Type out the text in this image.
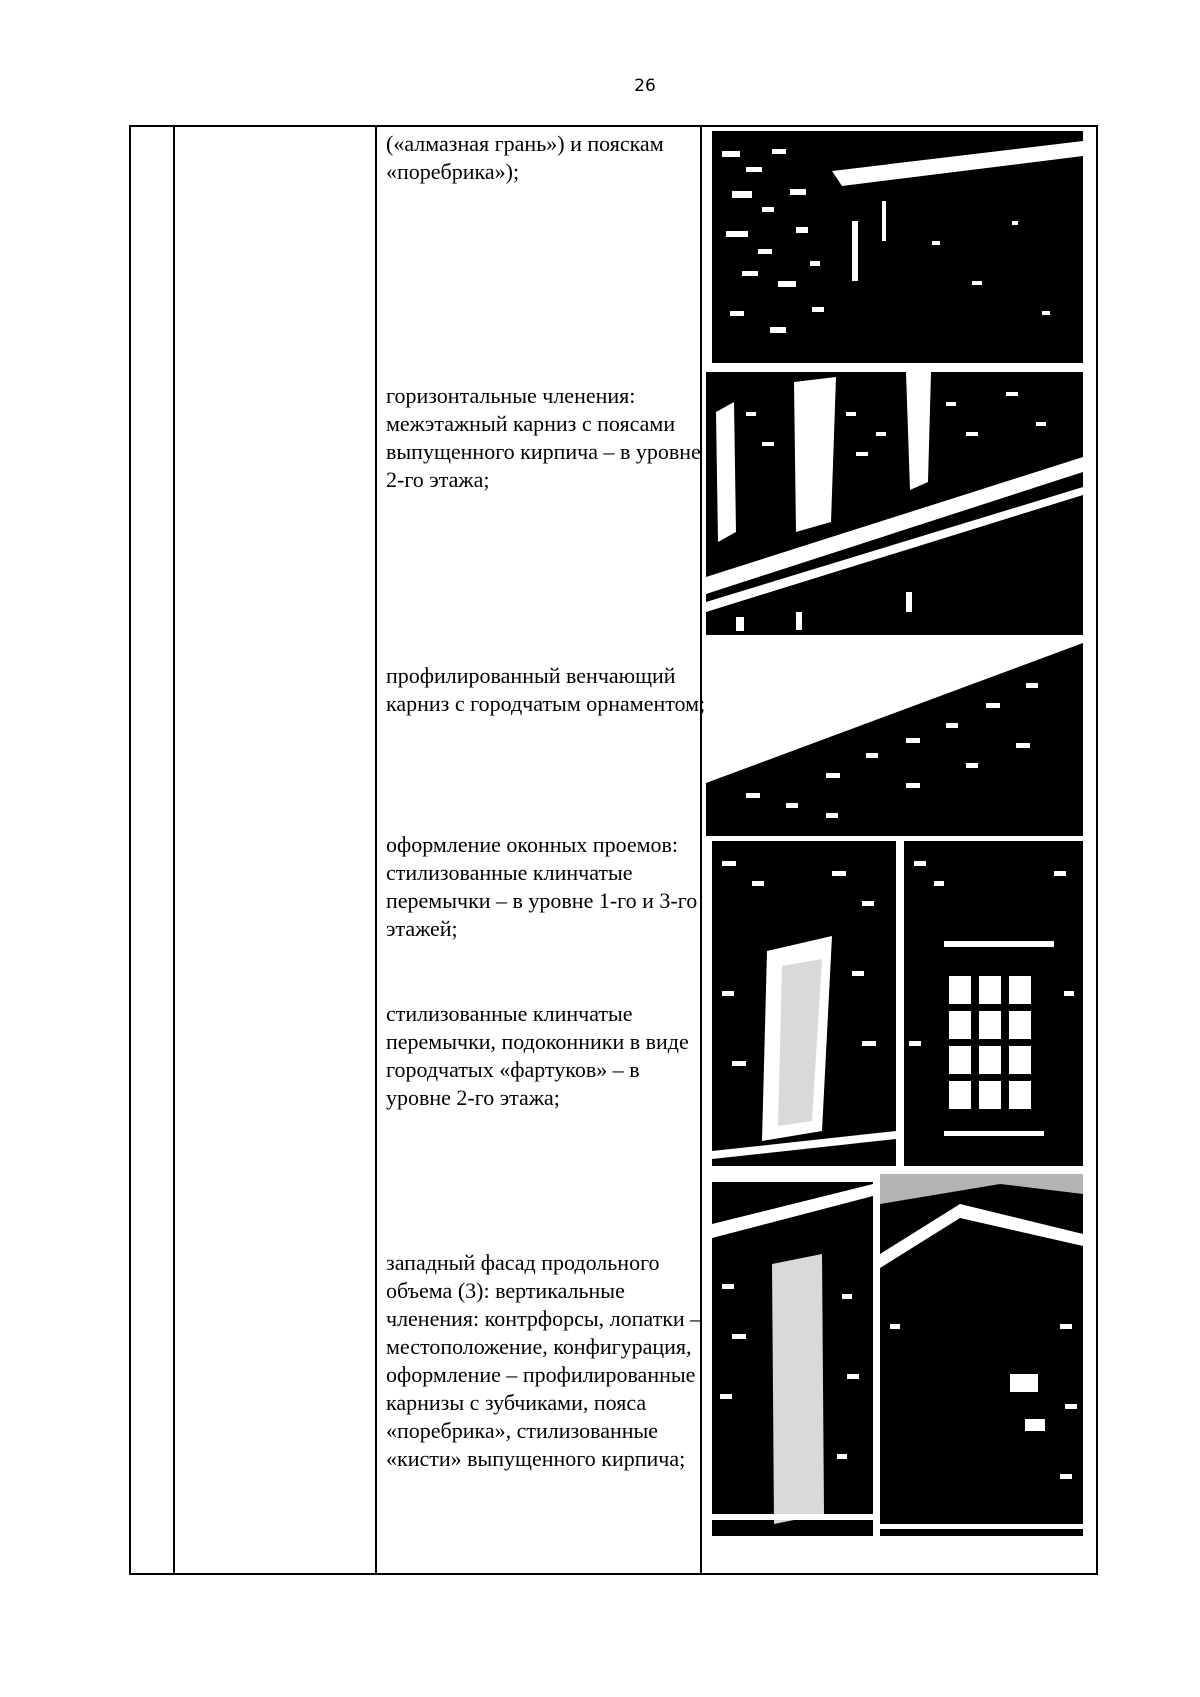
26

(«алмазная грань») и пояскам «поребрика»);

горизонтальные членения: межэтажный карниз с поясами выпущенного кирпича – в уровне 2-го этажа;

профилированный венчающий карниз с городчатым орнаментом;

оформление оконных проемов: стилизованные клинчатые перемычки – в уровне 1-го и 3-го этажей;

стилизованные клинчатые перемычки, подоконники в виде городчатых «фартуков» – в уровне 2-го этажа;

западный фасад продольного объема (3): вертикальные членения: контрфорсы, лопатки – местоположение, конфигурация, оформление – профилированные карнизы с зубчиками, пояса «поребрика», стилизованные «кисти» выпущенного кирпича;
